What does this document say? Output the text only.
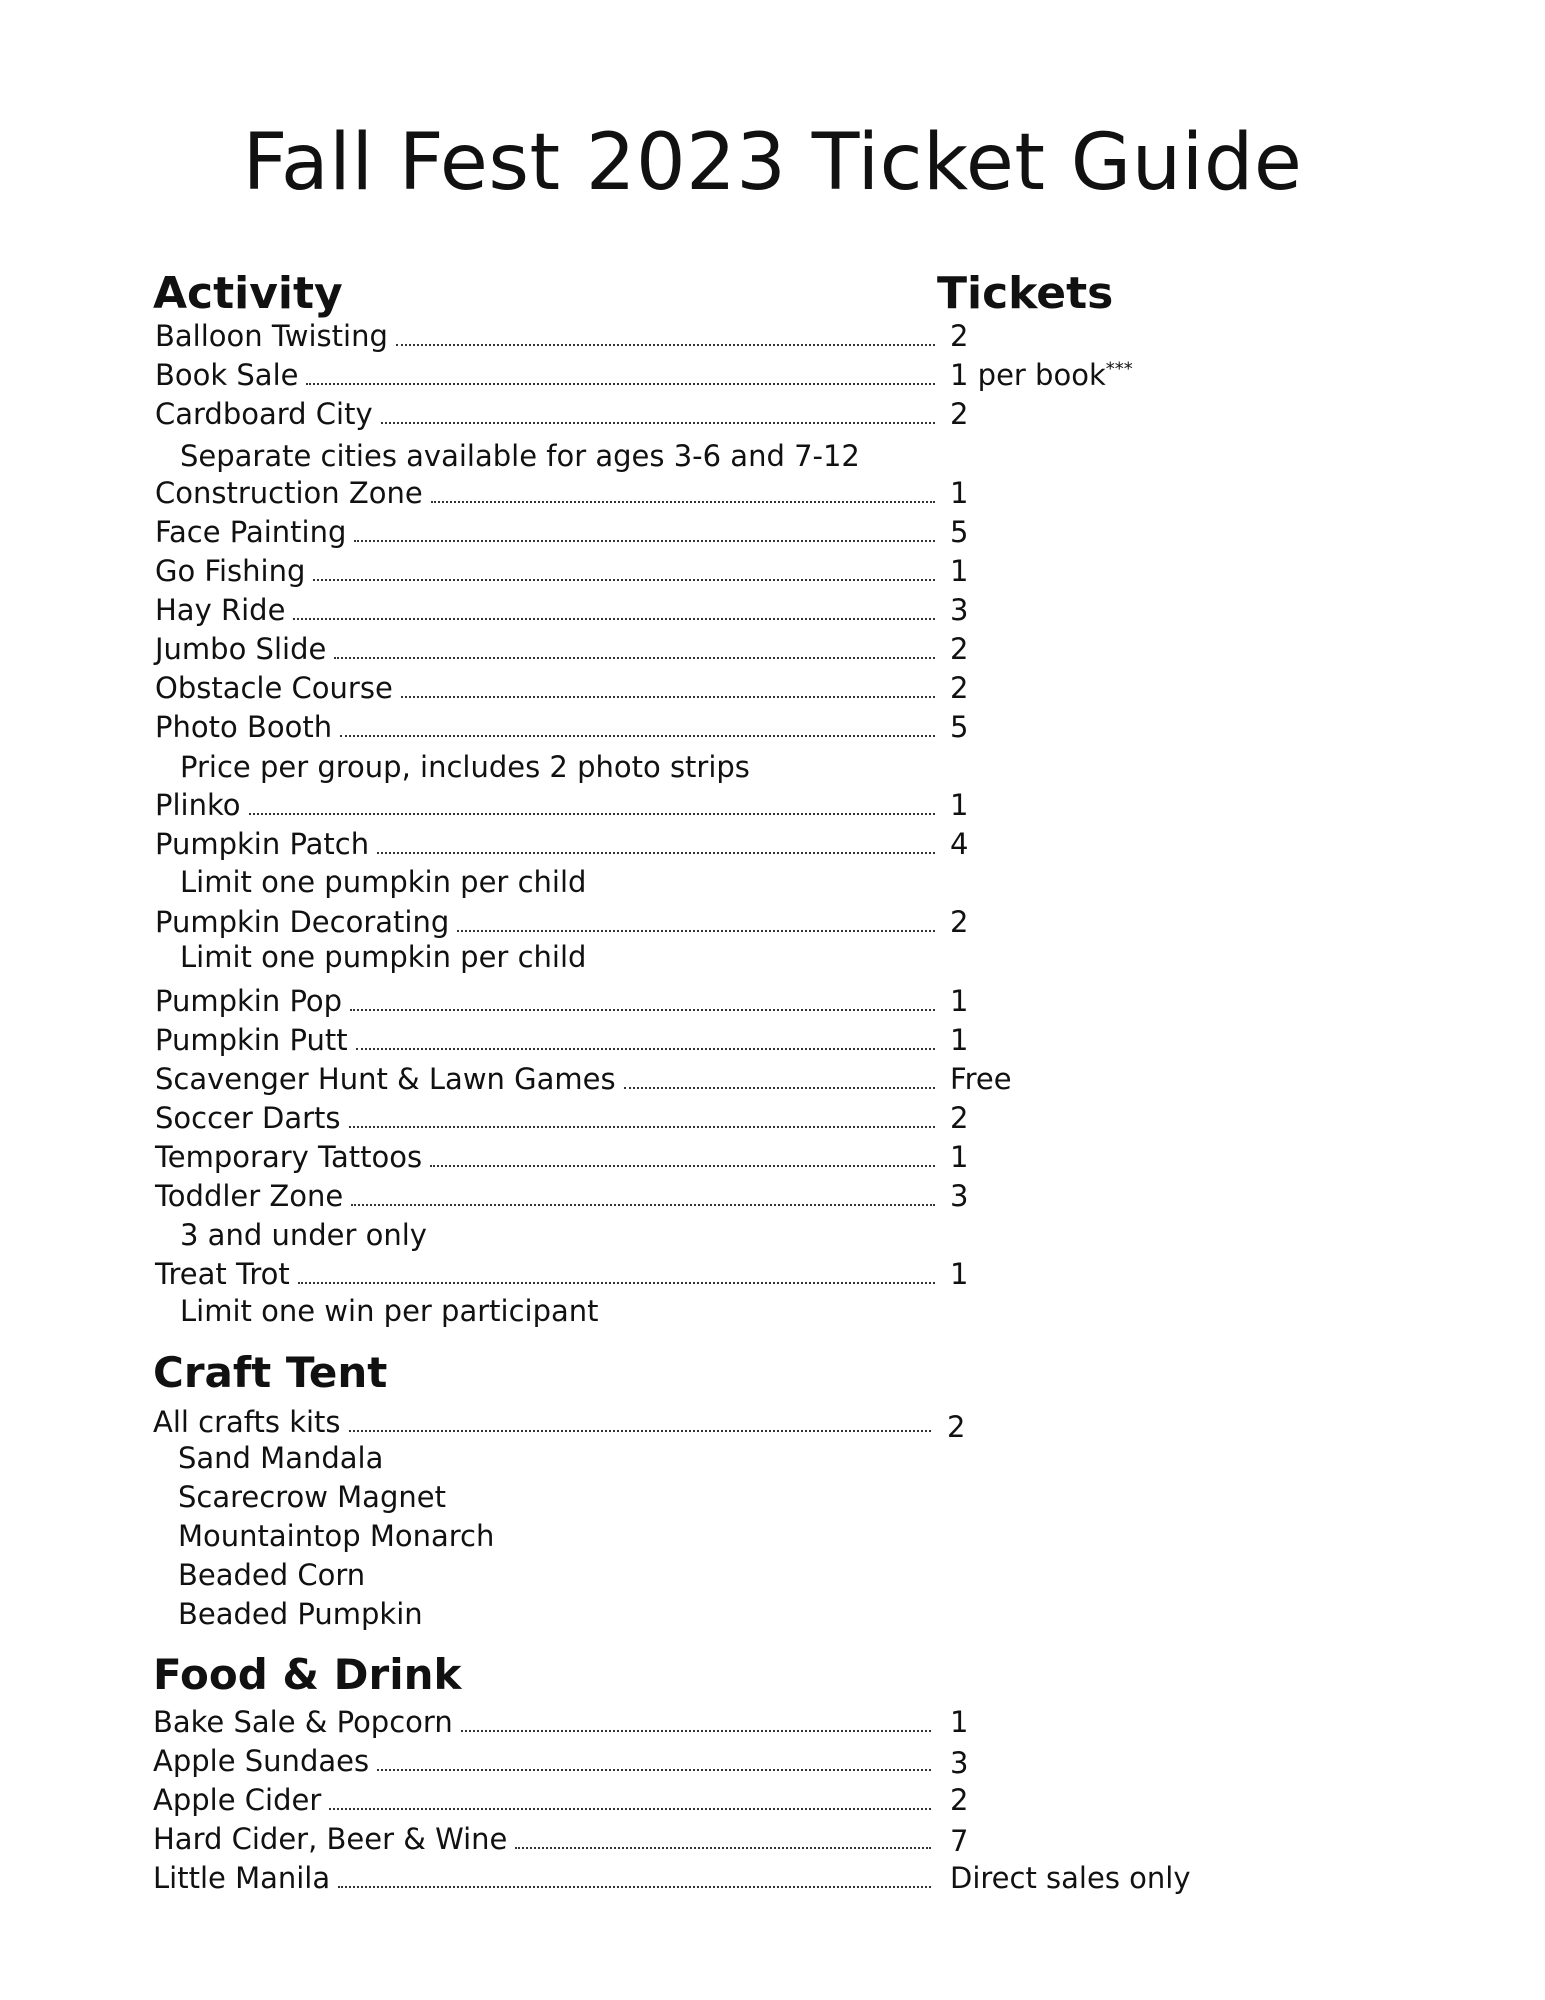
Fall Fest 2023 Ticket Guide
Activity	Tickets
Balloon Twisting	2
Book Sale	1 per book***
Cardboard City	2
Separate cities available for ages 3-6 and 7-12
Construction Zone	1
Face Painting	5
Go Fishing	1
Hay Ride	3
Jumbo Slide	2
Obstacle Course	2
Photo Booth	5
Price per group, includes 2 photo strips
Plinko	1
Pumpkin Patch	4
Limit one pumpkin per child
Pumpkin Decorating	2
Limit one pumpkin per child
Pumpkin Pop	1
Pumpkin Putt	1
Scavenger Hunt & Lawn Games	Free
Soccer Darts	2
Temporary Tattoos	1
Toddler Zone	3
3 and under only
Treat Trot	1
Limit one win per participant
Craft Tent
All crafts kits	2
Sand Mandala
Scarecrow Magnet
Mountaintop Monarch
Beaded Corn
Beaded Pumpkin
Food & Drink
Bake Sale & Popcorn	1
Apple Sundaes	3
Apple Cider	2
Hard Cider, Beer & Wine	7
Little Manila	Direct sales only
